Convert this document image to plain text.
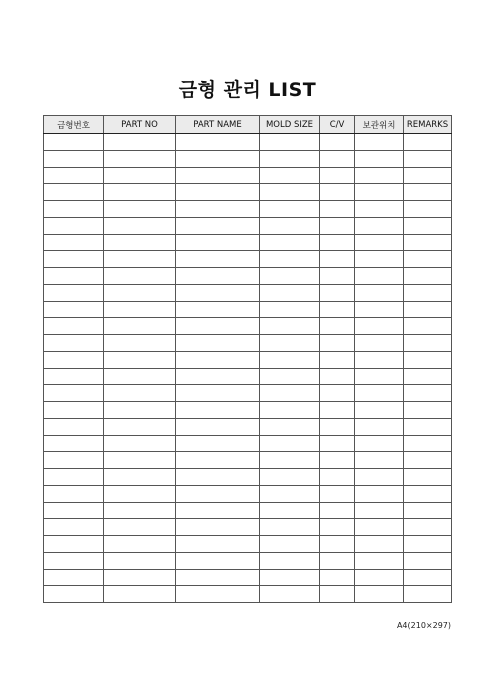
금형 관리 LIST
금형번호	PART NO	PART NAME	MOLD SIZE	C/V	보관위치	REMARKS

A4(210×297)
